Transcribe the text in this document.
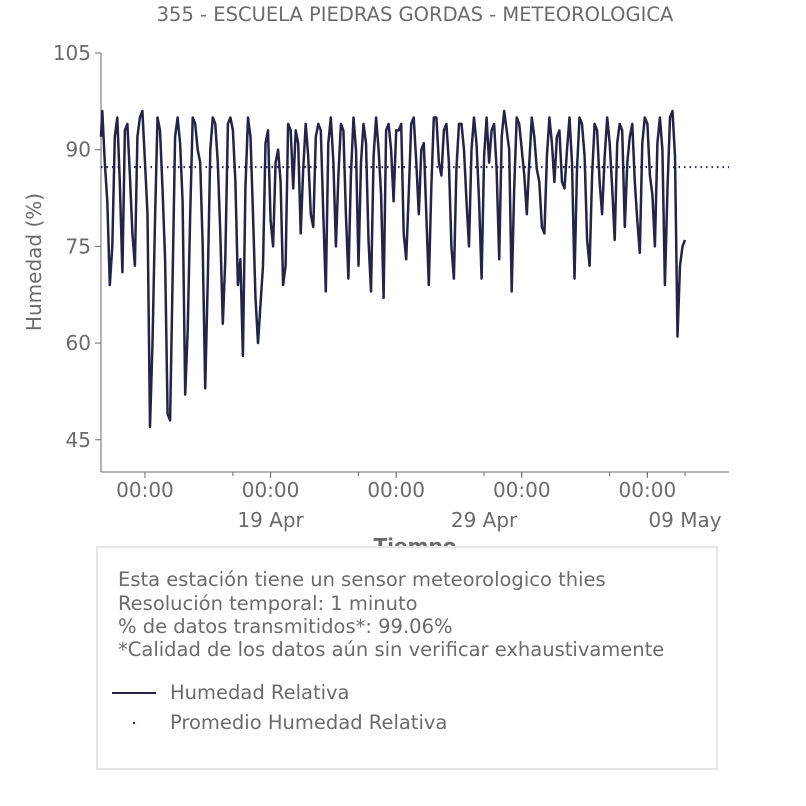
355 - ESCUELA PIEDRAS GORDAS - METEOROLOGICA
45
60
75
90
105
00:00	00:00	00:00	00:00	00:00
19 Apr	29 Apr	09 May
Humedad (%)
Esta estación tiene un sensor meteorologico thies
Resolución temporal: 1 minuto
% de datos transmitidos*: 99.06%
*Calidad de los datos aún sin verificar exhaustivamente
Humedad Relativa
Promedio Humedad Relativa
